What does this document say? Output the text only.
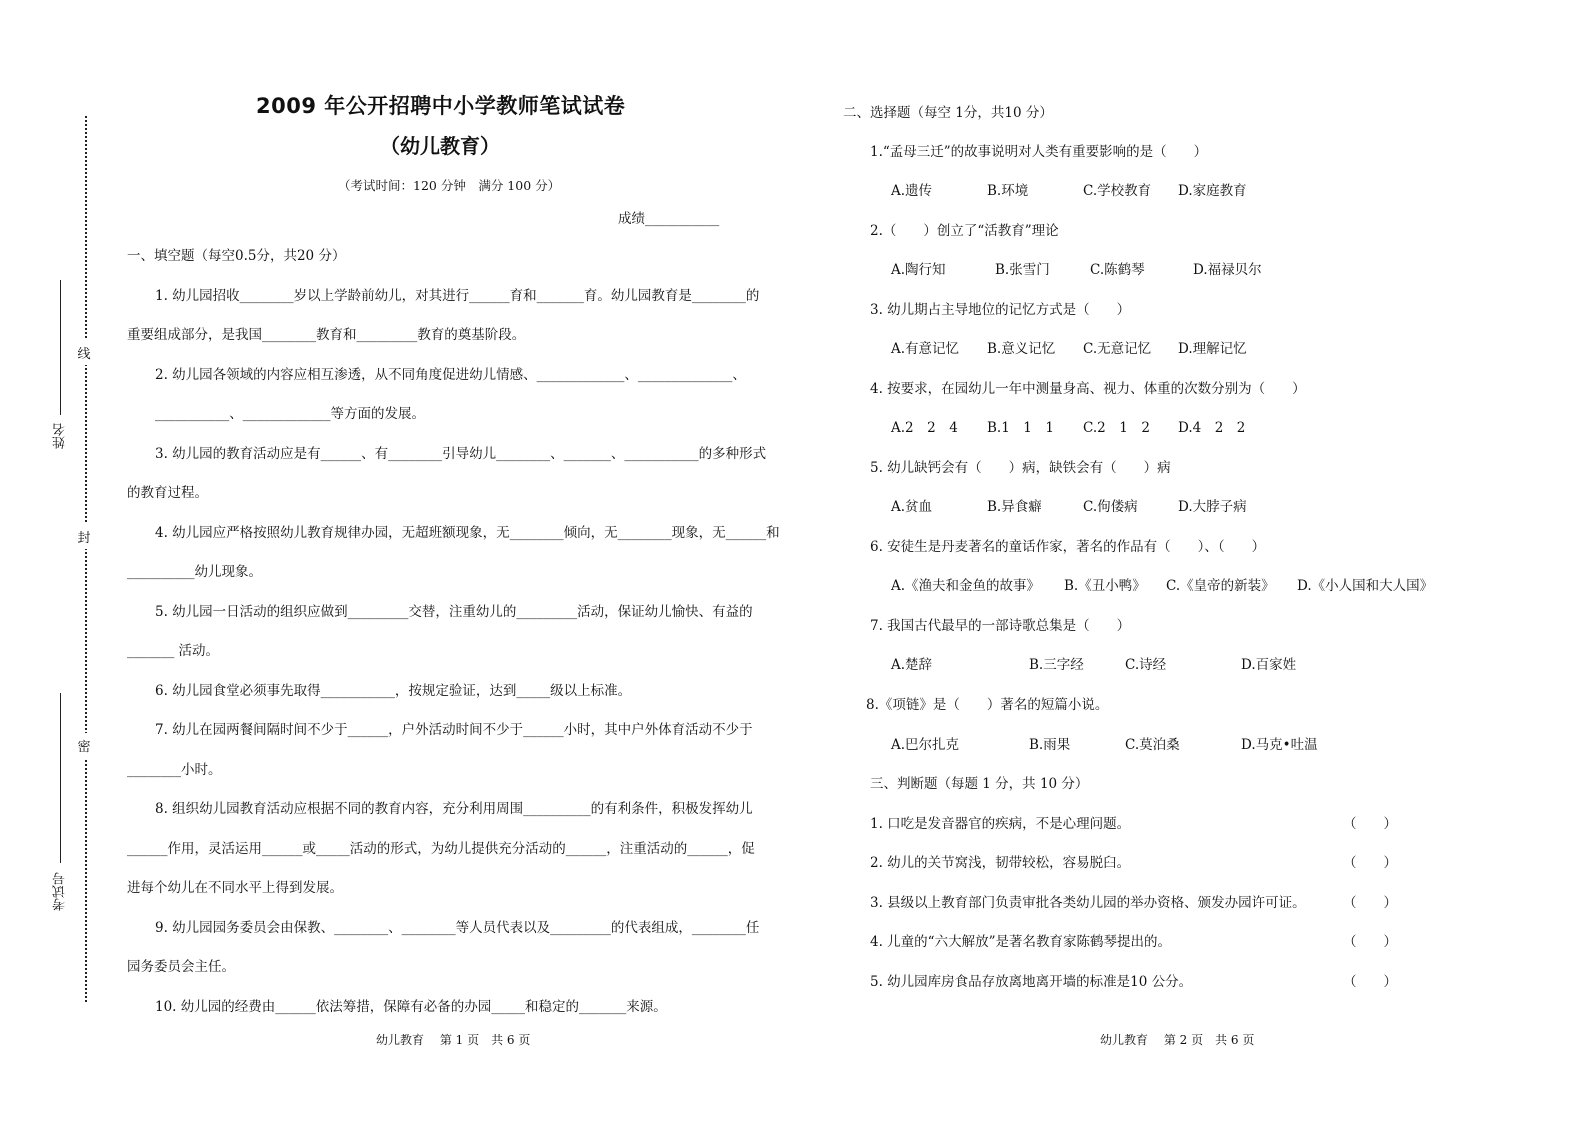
线
封
密
姓名
考试号
2009 年公开招聘中小学教师笔试试卷
（幼儿教育）
（考试时间：120 分钟　满分 100 分）
成绩___________
一、填空题（每空0.5分，共20 分）
1. 幼儿园招收________岁以上学龄前幼儿，对其进行______育和_______育。幼儿园教育是________的
重要组成部分，是我国________教育和_________教育的奠基阶段。
2. 幼儿园各领域的内容应相互渗透，从不同角度促进幼儿情感、_____________、______________、
___________、_____________等方面的发展。
3. 幼儿园的教育活动应是有______、有________引导幼儿________、_______、___________的多种形式
的教育过程。
4. 幼儿园应严格按照幼儿教育规律办园，无超班额现象，无________倾向，无________现象，无______和
__________幼儿现象。
5. 幼儿园一日活动的组织应做到_________交替，注重幼儿的_________活动，保证幼儿愉快、有益的
_______ 活动。
6. 幼儿园食堂必须事先取得___________，按规定验证，达到_____级以上标准。
7. 幼儿在园两餐间隔时间不少于______，户外活动时间不少于______小时，其中户外体育活动不少于
________小时。
8. 组织幼儿园教育活动应根据不同的教育内容，充分利用周围__________的有利条件，积极发挥幼儿
______作用，灵活运用______或_____活动的形式，为幼儿提供充分活动的______，注重活动的______，促
进每个幼儿在不同水平上得到发展。
9. 幼儿园园务委员会由保教、________、________等人员代表以及_________的代表组成，________任
园务委员会主任。
10. 幼儿园的经费由______依法筹措，保障有必备的办园_____和稳定的_______来源。
幼儿教育　 第 1 页　共 6 页
二、选择题（每空 1分，共10 分）
1.“孟母三迁”的故事说明对人类有重要影响的是（　　）
A.遗传	B.环境	C.学校教育 D.家庭教育
2.（　　）创立了“活教育”理论
A.陶行知	B.张雪门	C.陈鹤琴	D.福禄贝尔
3. 幼儿期占主导地位的记忆方式是（　　）
A.有意记忆 B.意义记忆 C.无意记忆 D.理解记忆
4. 按要求，在园幼儿一年中测量身高、视力、体重的次数分别为（　　）
A.2　2　4 B.1　1　1 C.2　1　2 D.4　2　2
5. 幼儿缺钙会有（　　）病，缺铁会有（　　）病
A.贫血	B.异食癖	C.佝偻病	D.大脖子病
6. 安徒生是丹麦著名的童话作家，著名的作品有（　　）、（　　）
A.《渔夫和金鱼的故事》 B.《丑小鸭》 C.《皇帝的新装》 D.《小人国和大人国》
7. 我国古代最早的一部诗歌总集是（　　）
A.楚辞	B.三字经	C.诗经	D.百家姓
8.《项链》是（　　）著名的短篇小说。
A.巴尔扎克	B.雨果	C.莫泊桑	D.马克•吐温
三、判断题（每题 1 分，共 10 分）
1. 口吃是发音器官的疾病，不是心理问题。	（　　）
2. 幼儿的关节窝浅，韧带较松，容易脱臼。	（　　）
3. 县级以上教育部门负责审批各类幼儿园的举办资格、颁发办园许可证。	（　　）
4. 儿童的“六大解放”是著名教育家陈鹤琴提出的。	（　　）
5. 幼儿园库房食品存放离地离开墙的标准是10 公分。	（　　）
幼儿教育　 第 2 页　共 6 页
